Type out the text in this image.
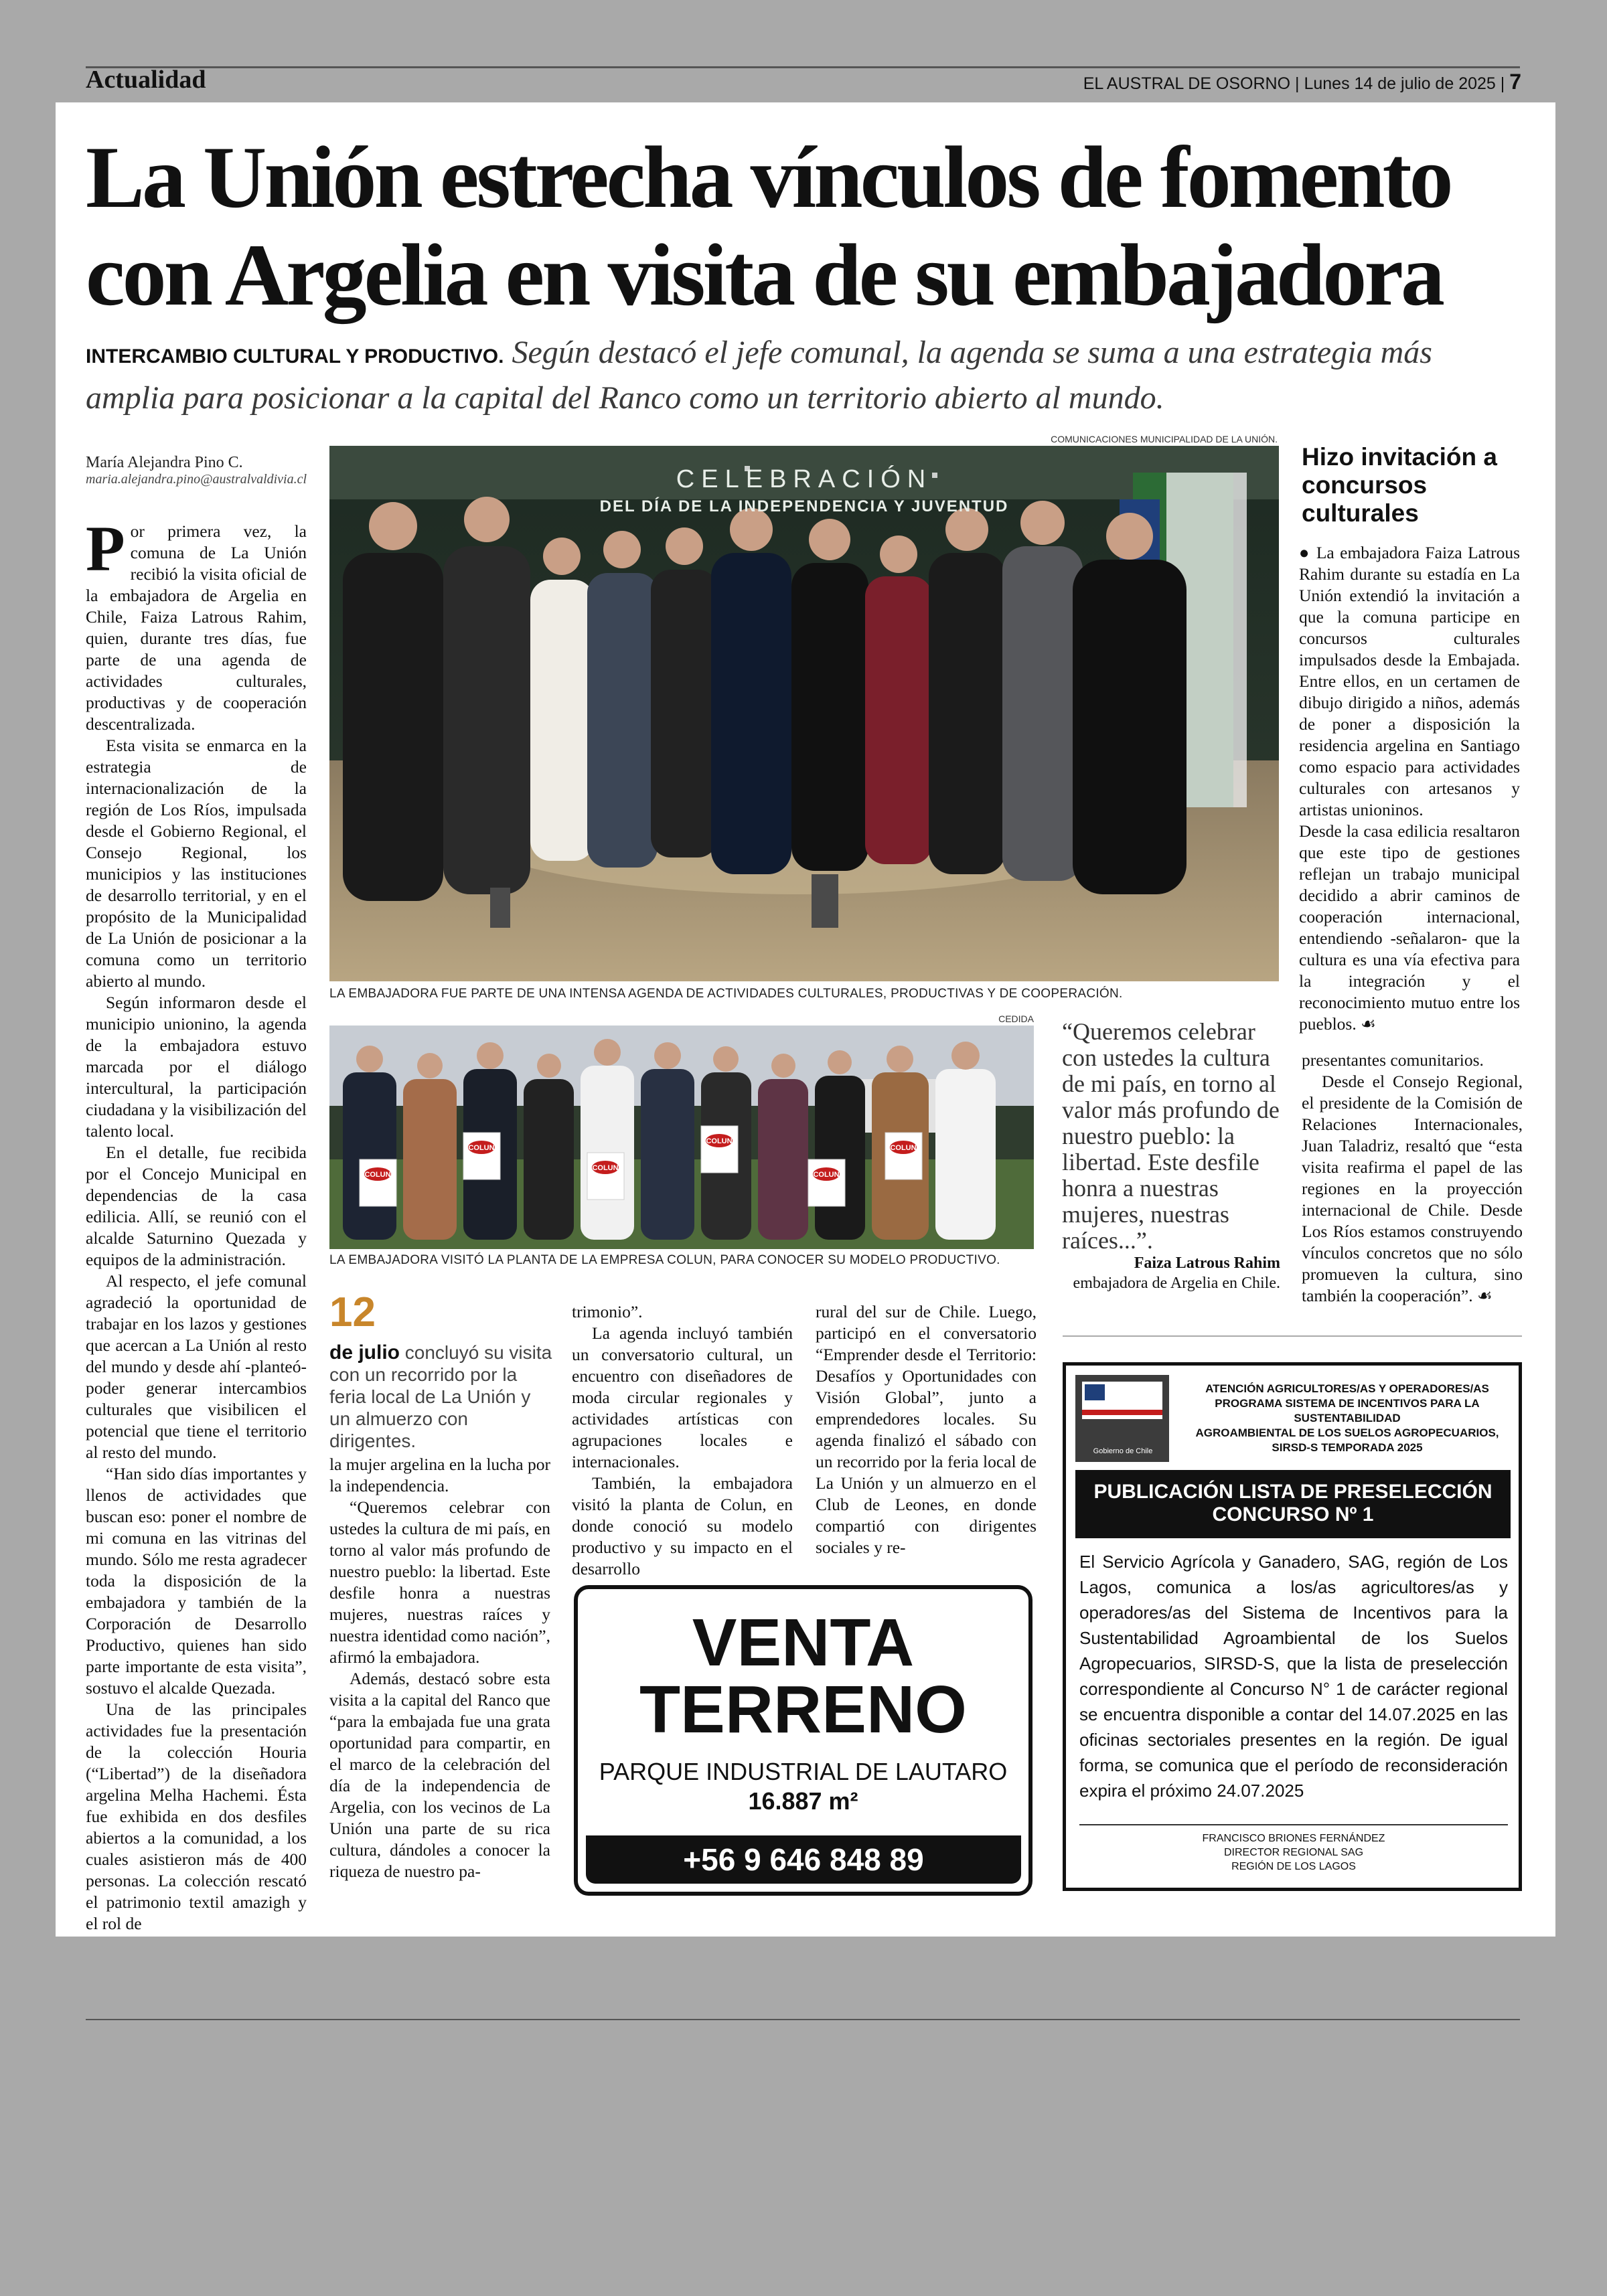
Actualidad	EL AUSTRAL DE OSORNO | Lunes 14 de julio de 2025 | 7
La Unión estrecha vínculos de fomento con Argelia en visita de su embajadora
INTERCAMBIO CULTURAL Y PRODUCTIVO. Según destacó el jefe comunal, la agenda se suma a una estrategia más amplia para posicionar a la capital del Ranco como un territorio abierto al mundo.
María Alejandra Pino C.
maria.alejandra.pino@australvaldivia.cl

Por primera vez, la comuna de La Unión recibió la visita oficial de la embajadora de Argelia en Chile, Faiza Latrous Rahim, quien, durante tres días, fue parte de una agenda de actividades culturales, productivas y de cooperación descentralizada.

Esta visita se enmarca en la estrategia de internacionalización de la región de Los Ríos, impulsada desde el Gobierno Regional, el Consejo Regional, los municipios y las instituciones de desarrollo territorial, y en el propósito de la Municipalidad de La Unión de posicionar a la comuna como un territorio abierto al mundo.

Según informaron desde el municipio unionino, la agenda de la embajadora estuvo marcada por el diálogo intercultural, la participación ciudadana y la visibilización del talento local.

En el detalle, fue recibida por el Concejo Municipal en dependencias de la casa edilicia. Allí, se reunió con el alcalde Saturnino Quezada y equipos de la administración.

Al respecto, el jefe comunal agradeció la oportunidad de trabajar en los lazos y gestiones que acercan a La Unión al resto del mundo y desde ahí -planteó- poder generar intercambios culturales que visibilicen el potencial que tiene el territorio al resto del mundo.

“Han sido días importantes y llenos de actividades que buscan eso: poner el nombre de mi comuna en las vitrinas del mundo. Sólo me resta agradecer toda la disposición de la embajadora y también de la Corporación de Desarrollo Productivo, quienes han sido parte importante de esta visita”, sostuvo el alcalde Quezada.

Una de las principales actividades fue la presentación de la colección Houria (“Libertad”) de la diseñadora argelina Melha Hachemi. Ésta fue exhibida en dos desfiles abiertos a la comunidad, a los cuales asistieron más de 400 personas. La colección rescató el patrimonio textil amazigh y el rol de

COMUNICACIONES MUNICIPALIDAD DE LA UNIÓN.
CELEBRACIÓN
DEL DÍA DE LA INDEPENDENCIA Y JUVENTUD
LA EMBAJADORA FUE PARTE DE UNA INTENSA AGENDA DE ACTIVIDADES CULTURALES, PRODUCTIVAS Y DE COOPERACIÓN.
CEDIDA
COLUN
COLUN
COLUN
COLUN
COLUN
COLUN
LA EMBAJADORA VISITÓ LA PLANTA DE LA EMPRESA COLUN, PARA CONOCER SU MODELO PRODUCTIVO.
Hizo invitación a concursos culturales

● La embajadora Faiza Latrous Rahim durante su estadía en La Unión extendió la invitación a que la comuna participe en concursos culturales impulsados desde la Embajada. Entre ellos, en un certamen de dibujo dirigido a niños, además de poner a disposición la residencia argelina en Santiago como espacio para actividades culturales con artesanos y artistas unioninos.

Desde la casa edilicia resaltaron que este tipo de gestiones reflejan un trabajo municipal decidido a abrir caminos de cooperación internacional, entendiendo -señalaron- que la cultura es una vía efectiva para la integración y el reconocimiento mutuo entre los pueblos. ☙

“Queremos celebrar con ustedes la cultura de mi país, en torno al valor más profundo de nuestro pueblo: la libertad. Este desfile honra a nuestras mujeres, nuestras raíces...”.
Faiza Latrous Rahim
embajadora de Argelia en Chile.

presentantes comunitarios.

Desde el Consejo Regional, el presidente de la Comisión de Relaciones Internacionales, Juan Taladriz, resaltó que “esta visita reafirma el papel de las regiones en la proyección internacional de Chile. Desde Los Ríos estamos construyendo vínculos concretos que no sólo promueven la cultura, sino también la cooperación”. ☙

12
de julio concluyó su visita con un recorrido por la feria local de La Unión y un almuerzo con dirigentes.

la mujer argelina en la lucha por la independencia.

“Queremos celebrar con ustedes la cultura de mi país, en torno al valor más profundo de nuestro pueblo: la libertad. Este desfile honra a nuestras mujeres, nuestras raíces y nuestra identidad como nación”, afirmó la embajadora.

Además, destacó sobre esta visita a la capital del Ranco que “para la embajada fue una grata oportunidad para compartir, en el marco de la celebración del día de la independencia de Argelia, con los vecinos de La Unión una parte de su rica cultura, dándoles a conocer la riqueza de nuestro pa-

trimonio”.

La agenda incluyó también un conversatorio cultural, un encuentro con diseñadores de moda circular regionales y actividades artísticas con agrupaciones locales e internacionales.

También, la embajadora visitó la planta de Colun, en donde conoció su modelo productivo y su impacto en el desarrollo

rural del sur de Chile. Luego, participó en el conversatorio “Emprender desde el Territorio: Desafíos y Oportunidades con Visión Global”, junto a emprendedores locales. Su agenda finalizó el sábado con un recorrido por la feria local de La Unión y un almuerzo en el Club de Leones, en donde compartió con dirigentes sociales y re-

VENTA
TERRENO
PARQUE INDUSTRIAL DE LAUTARO
16.887 m²
+56 9 646 848 89
Gobierno de Chile
ATENCIÓN AGRICULTORES/AS Y OPERADORES/AS
PROGRAMA SISTEMA DE INCENTIVOS PARA LA SUSTENTABILIDAD
AGROAMBIENTAL DE LOS SUELOS AGROPECUARIOS, SIRSD-S TEMPORADA 2025
PUBLICACIÓN LISTA DE PRESELECCIÓN
CONCURSO Nº 1
El Servicio Agrícola y Ganadero, SAG, región de Los Lagos, comunica a los/as agricultores/as y operadores/as del Sistema de Incentivos para la Sustentabilidad Agroambiental de los Suelos Agropecuarios, SIRSD-S, que la lista de preselección correspondiente al Concurso N° 1 de carácter regional se encuentra disponible a contar del 14.07.2025 en las oficinas sectoriales presentes en la región. De igual forma, se comunica que el período de reconsideración expira el próximo 24.07.2025
FRANCISCO BRIONES FERNÁNDEZ
DIRECTOR REGIONAL SAG
REGIÓN DE LOS LAGOS
